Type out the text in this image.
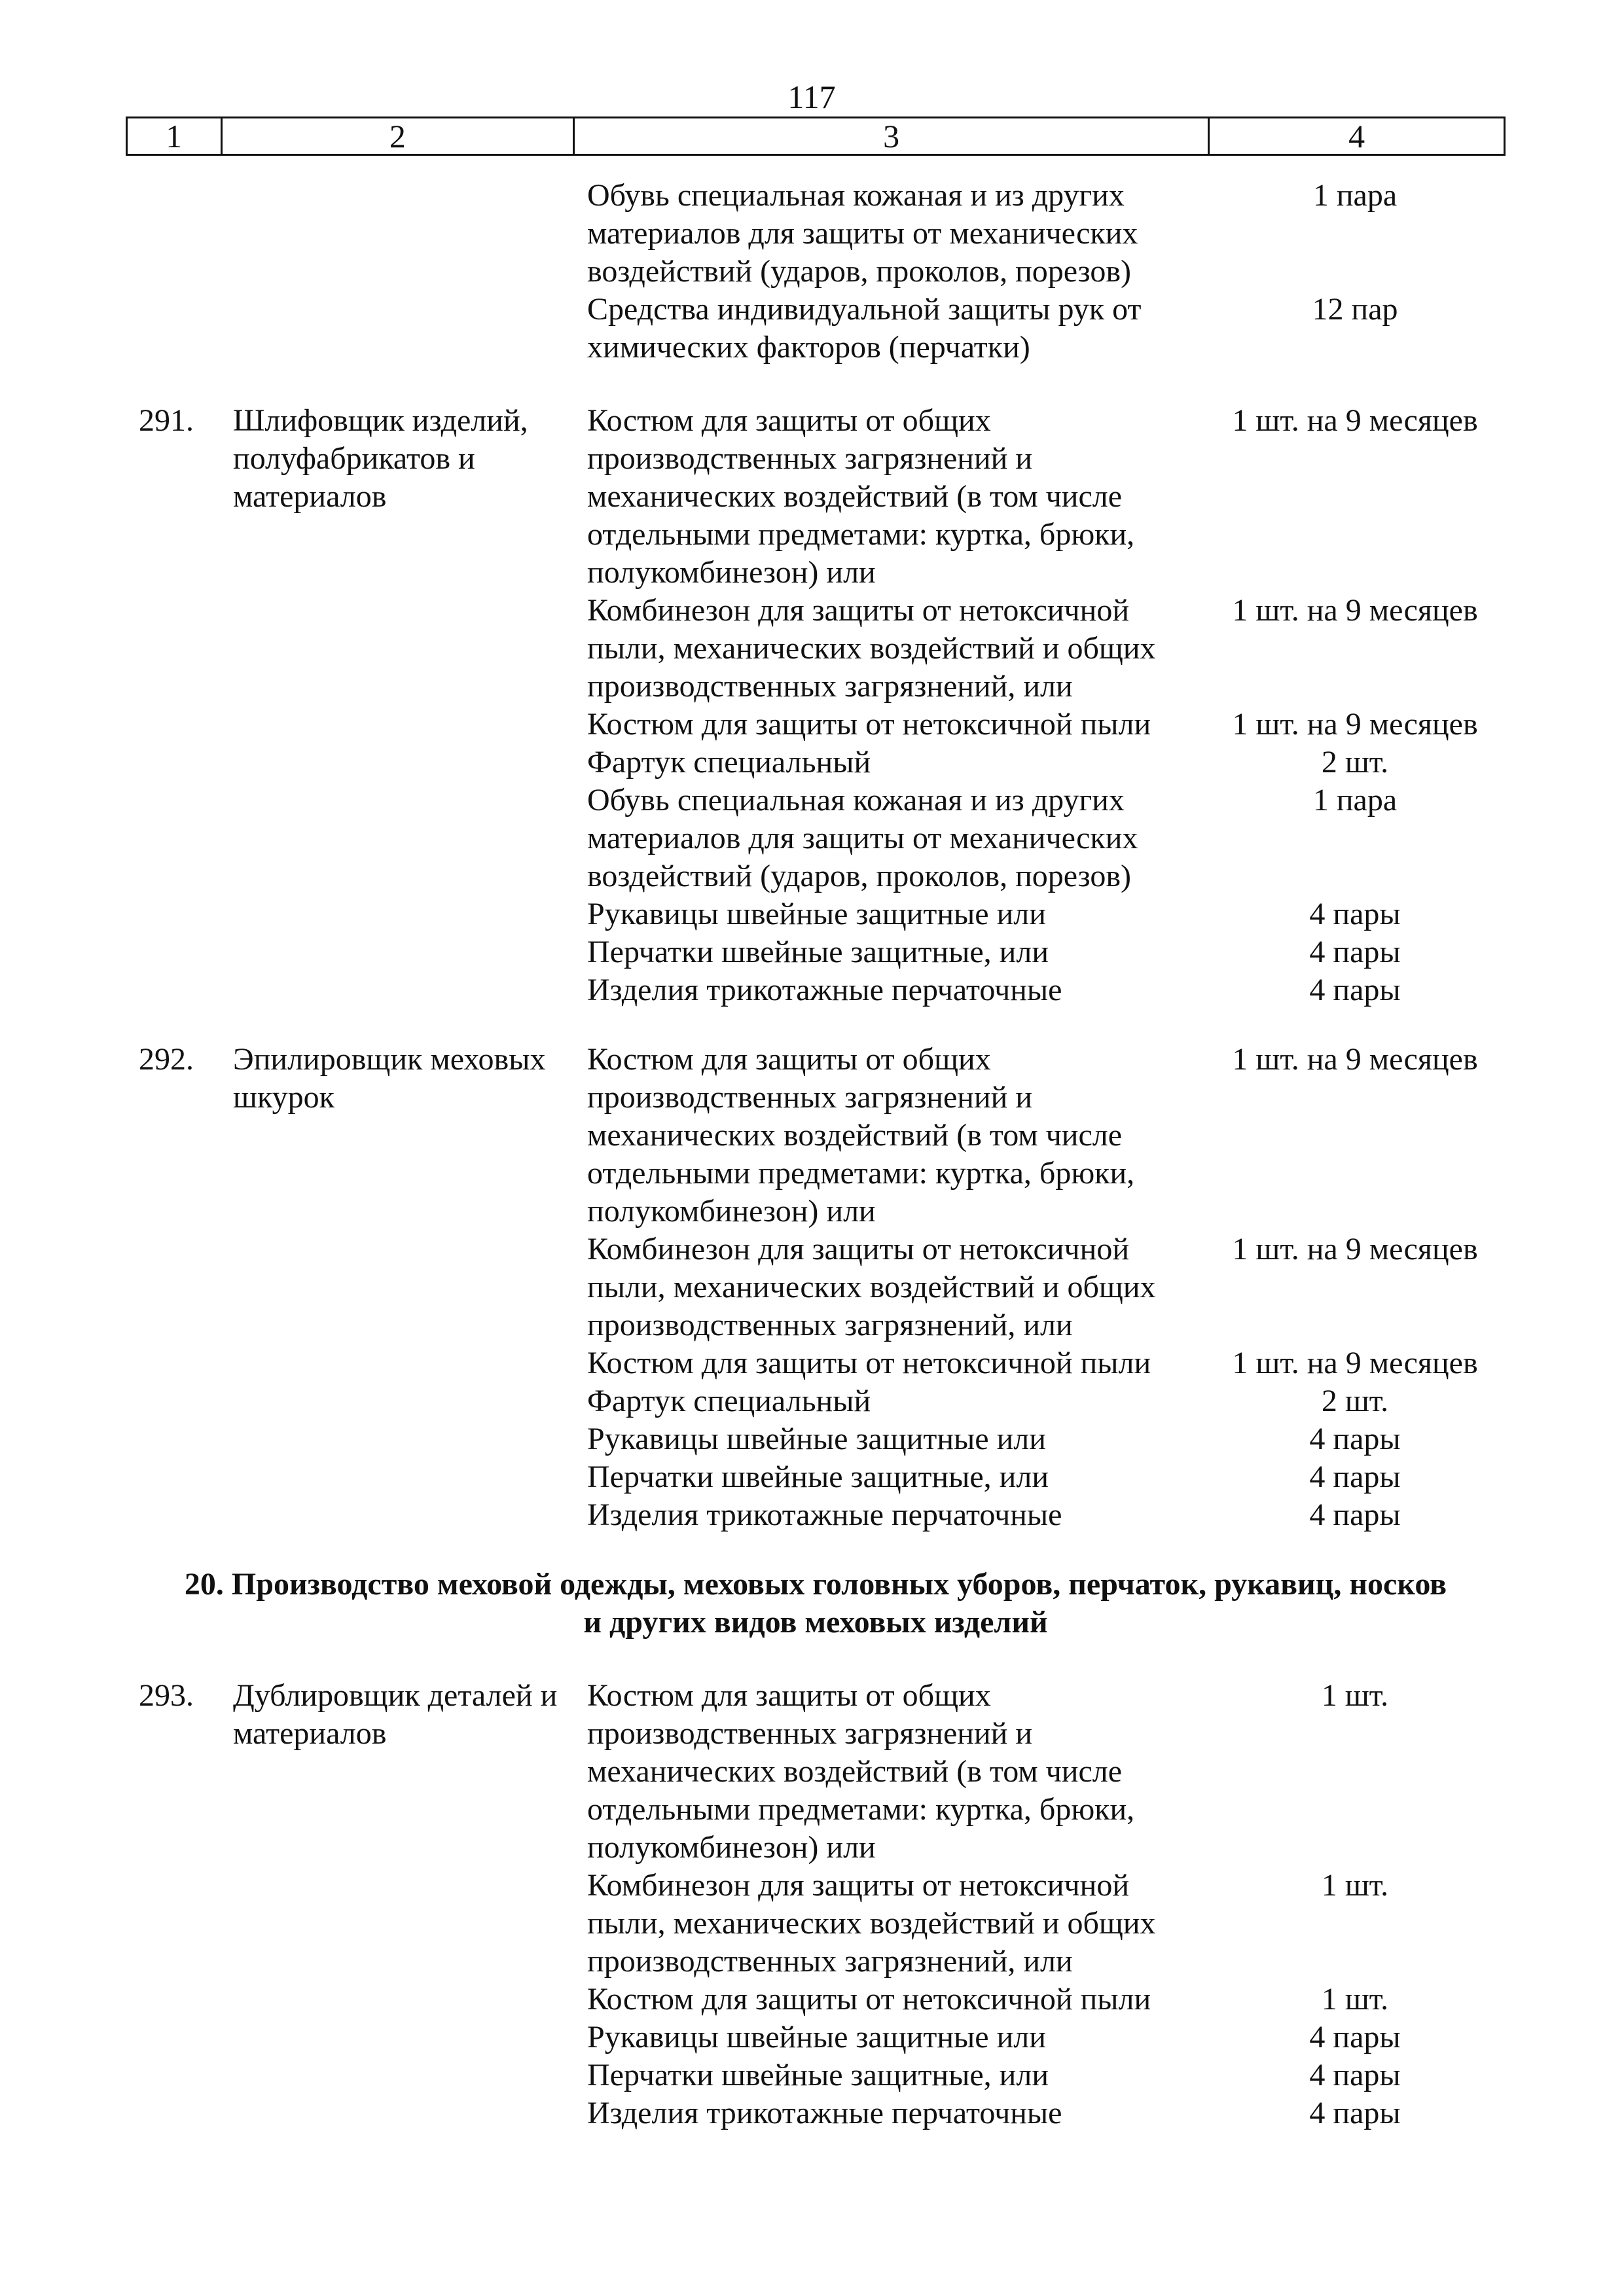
117
1	2	3	4
Обувь специальная кожаная и из других	1 пара
материалов для защиты от механических
воздействий (ударов, проколов, порезов)
Средства индивидуальной защиты рук от	12 пар
химических факторов (перчатки)
291. Шлифовщик изделий, полуфабрикатов и материалов
Костюм для защиты от общих	1 шт. на 9 месяцев
производственных загрязнений и
механических воздействий (в том числе
отдельными предметами: куртка, брюки,
полукомбинезон) или
Комбинезон для защиты от нетоксичной	1 шт. на 9 месяцев
пыли, механических воздействий и общих
производственных загрязнений, или
Костюм для защиты от нетоксичной пыли	1 шт. на 9 месяцев
Фартук специальный	2 шт.
Обувь специальная кожаная и из других	1 пара
материалов для защиты от механических
воздействий (ударов, проколов, порезов)
Рукавицы швейные защитные или	4 пары
Перчатки швейные защитные, или	4 пары
Изделия трикотажные перчаточные	4 пары
292. Эпилировщик меховых шкурок
Костюм для защиты от общих	1 шт. на 9 месяцев
производственных загрязнений и
механических воздействий (в том числе
отдельными предметами: куртка, брюки,
полукомбинезон) или
Комбинезон для защиты от нетоксичной	1 шт. на 9 месяцев
пыли, механических воздействий и общих
производственных загрязнений, или
Костюм для защиты от нетоксичной пыли	1 шт. на 9 месяцев
Фартук специальный	2 шт.
Рукавицы швейные защитные или	4 пары
Перчатки швейные защитные, или	4 пары
Изделия трикотажные перчаточные	4 пары
20. Производство меховой одежды, меховых головных уборов, перчаток, рукавиц, носков
и других видов меховых изделий
293. Дублировщик деталей и материалов
Костюм для защиты от общих	1 шт.
производственных загрязнений и
механических воздействий (в том числе
отдельными предметами: куртка, брюки,
полукомбинезон) или
Комбинезон для защиты от нетоксичной	1 шт.
пыли, механических воздействий и общих
производственных загрязнений, или
Костюм для защиты от нетоксичной пыли	1 шт.
Рукавицы швейные защитные или	4 пары
Перчатки швейные защитные, или	4 пары
Изделия трикотажные перчаточные	4 пары
